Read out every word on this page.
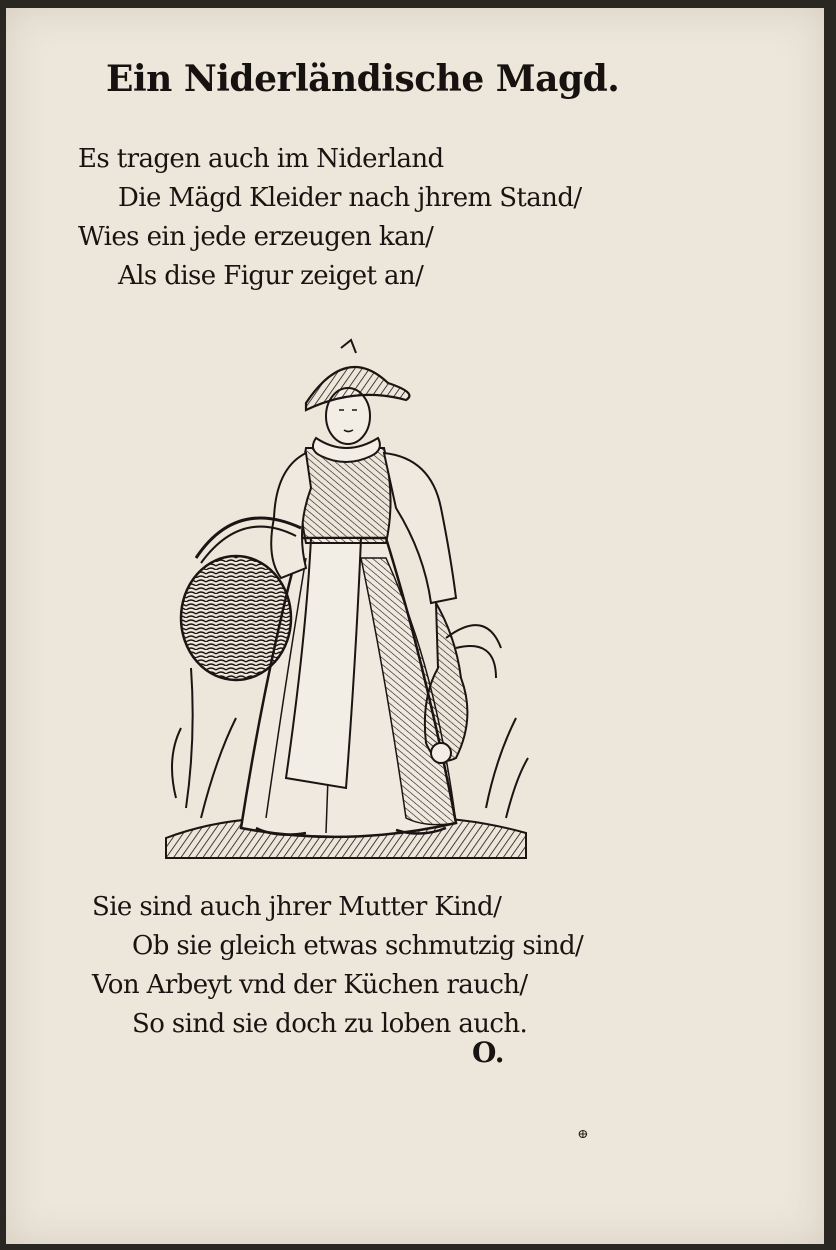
Ein Niderländische Magd.
Es tragen auch im Niderland
Die Mägd Kleider nach jhrem Stand/
Wies ein jede erzeugen kan/
Als dise Figur zeiget an/
Sie sind auch jhrer Mutter Kind/
Ob sie gleich etwas schmutzig sind/
Von Arbeyt vnd der Küchen rauch/
So sind sie doch zu loben auch.
O.
ⴲ
